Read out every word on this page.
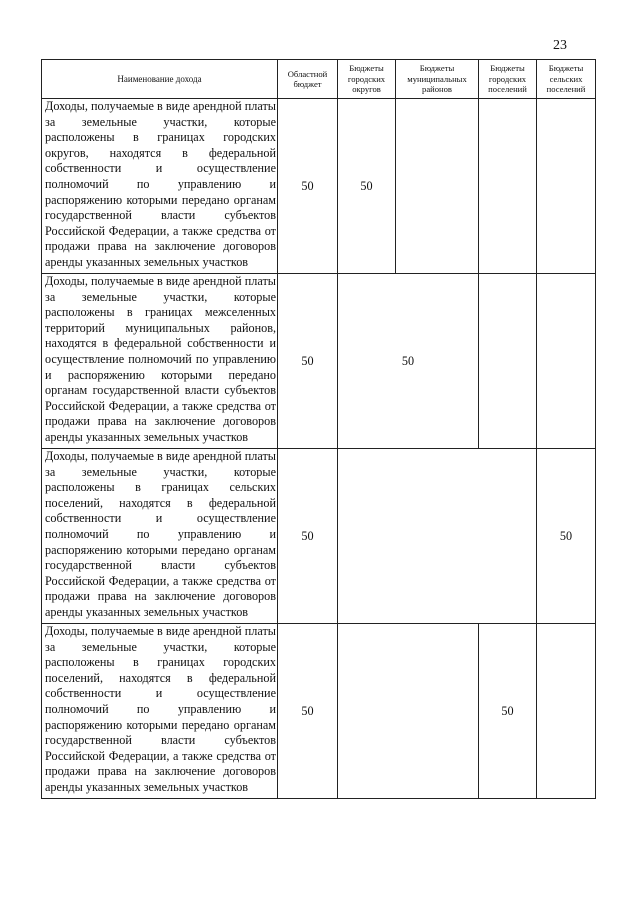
23
Наименование дохода	Областной бюджет	Бюджеты городских округов	Бюджеты муниципальных районов	Бюджеты городских поселений	Бюджеты сельских поселений
Доходы, получаемые в виде арендной платы за земельные участки, которые расположены в границах городских округов, находятся в федеральной собственности и осуществление полномочий по управлению и распоряжению которыми передано органам государственной власти субъектов Российской Федерации, а также средства от продажи права на заключение договоров аренды указанных земельных участков	50	50			
Доходы, получаемые в виде арендной платы за земельные участки, которые расположены в границах межселенных территорий муниципальных районов, находятся в федеральной собственности и осуществление полномочий по управлению и распоряжению которыми передано органам государственной власти субъектов Российской Федерации, а также средства от продажи права на заключение договоров аренды указанных земельных участков	50	50			
Доходы, получаемые в виде арендной платы за земельные участки, которые расположены в границах сельских поселений, находятся в федеральной собственности и осуществление полномочий по управлению и распоряжению которыми передано органам государственной власти субъектов Российской Федерации, а также средства от продажи права на заключение договоров аренды указанных земельных участков	50				50
Доходы, получаемые в виде арендной платы за земельные участки, которые расположены в границах городских поселений, находятся в федеральной собственности и осуществление полномочий по управлению и распоряжению которыми передано органам государственной власти субъектов Российской Федерации, а также средства от продажи права на заключение договоров аренды указанных земельных участков	50			50	
